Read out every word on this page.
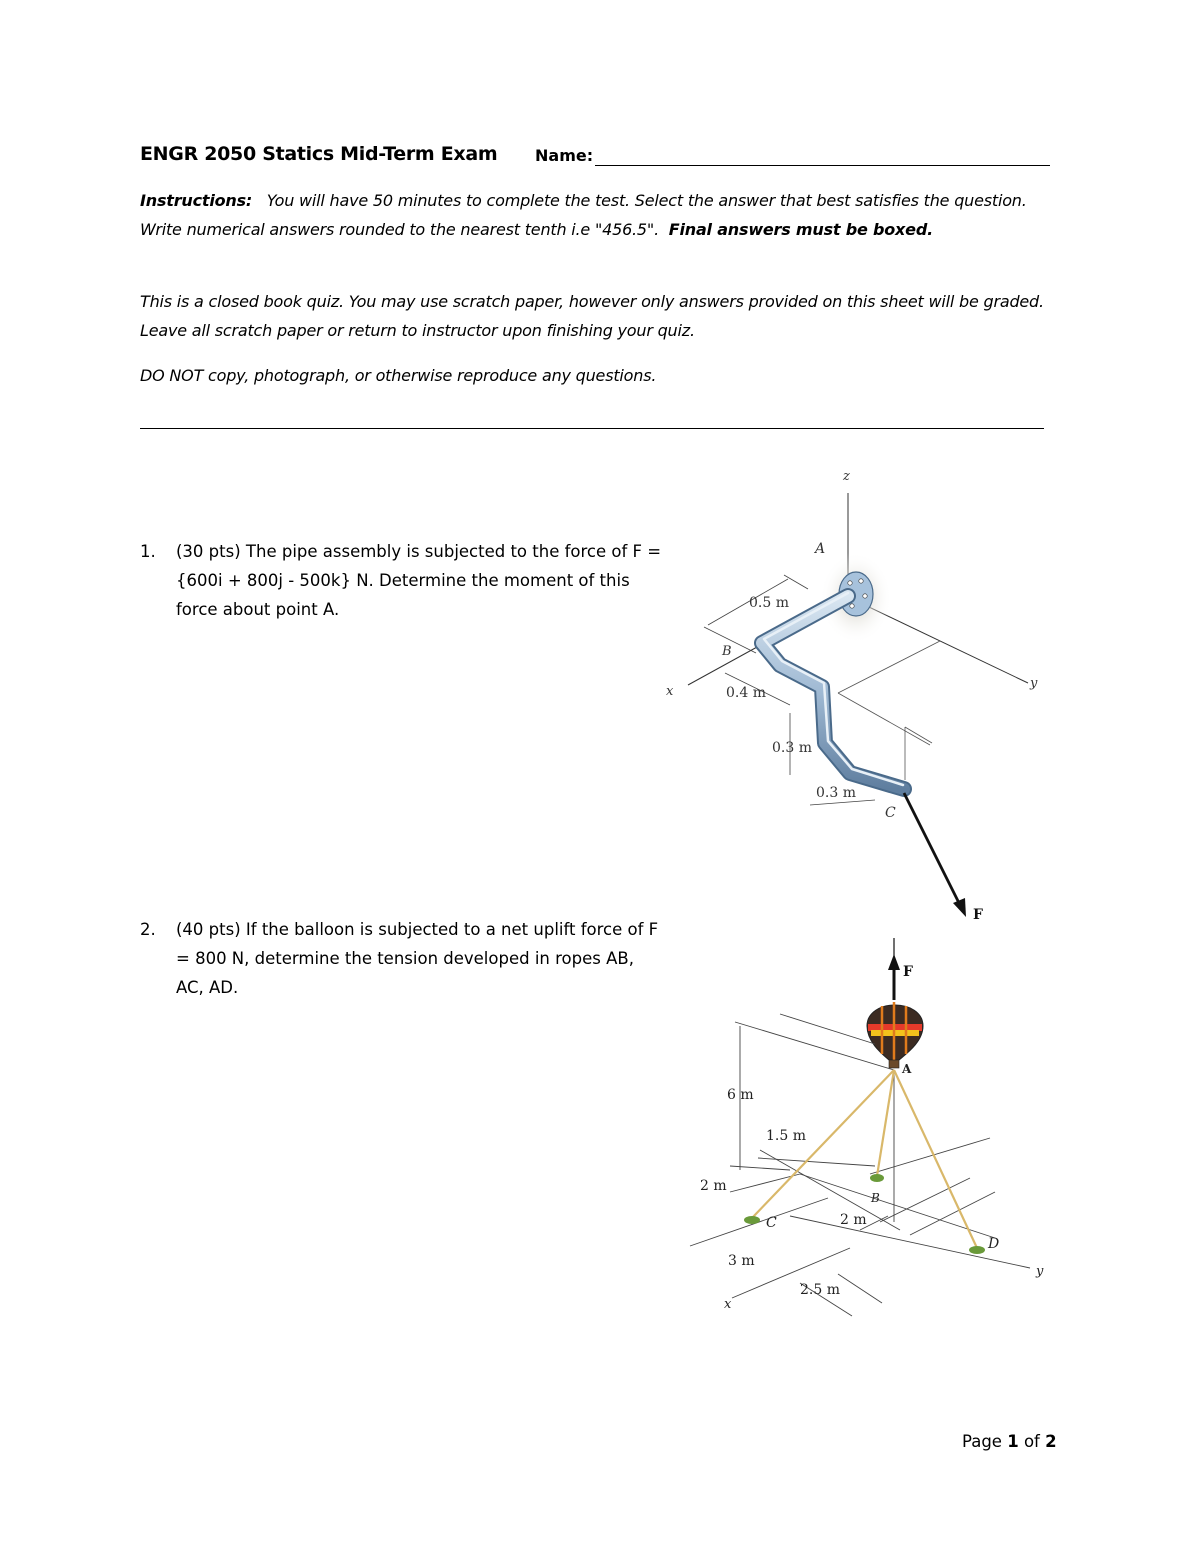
ENGR 2050 Statics Mid-Term Exam Name:
Instructions: You will have 50 minutes to complete the test. Select the answer that best satisfies the question. Write numerical answers rounded to the nearest tenth i.e "456.5". Final answers must be boxed.
This is a closed book quiz. You may use scratch paper, however only answers provided on this sheet will be graded. Leave all scratch paper or return to instructor upon finishing your quiz.
DO NOT copy, photograph, or otherwise reproduce any questions.
1. (30 pts) The pipe assembly is subjected to the force of F = {600i + 800j - 500k} N. Determine the moment of this force about point A.
z
A
0.5 m
B
x	0.4 m
y
0.3 m
0.3 m
C
F
2. (40 pts) If the balloon is subjected to a net uplift force of F = 800 N, determine the tension developed in ropes AB, AC, AD.
F
A
6 m
1.5 m
2 m
B
C	2 m
D
3 m
y
2.5 m
x
Page 1 of 2
